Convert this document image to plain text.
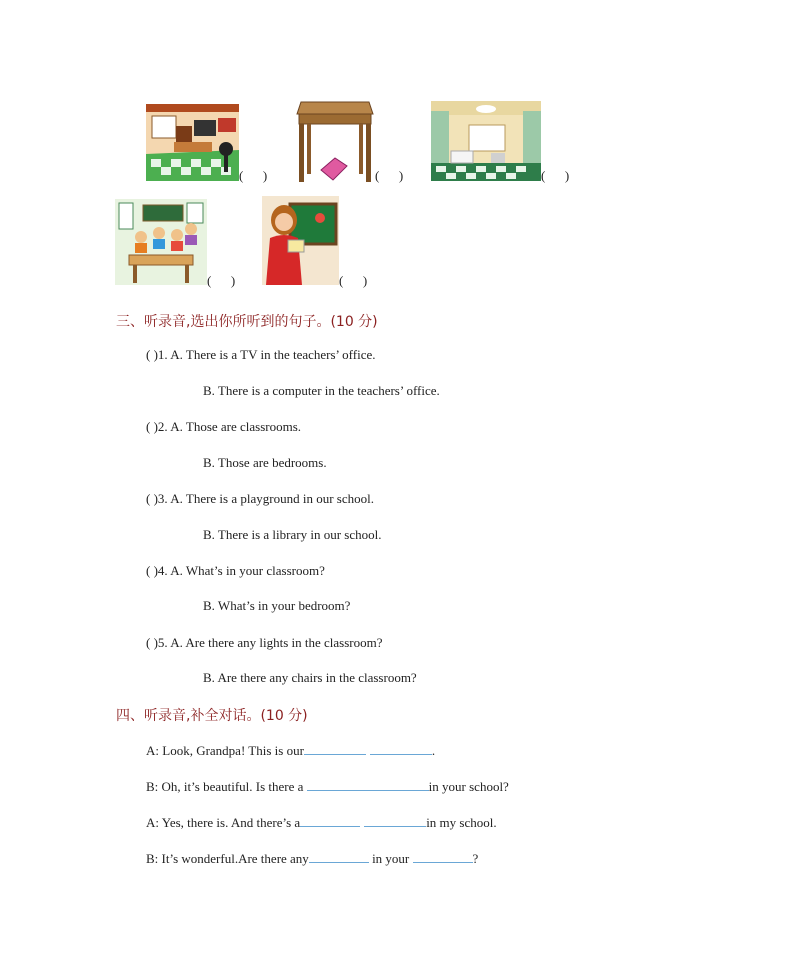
(      )	(      )	(      )
(      )	(      )
三、听录音,选出你所听到的句子。(10 分)
( )1. A. There is a TV in the teachers’ office.
B. There is a computer in the teachers’ office.
( )2. A. Those are classrooms.
B. Those are bedrooms.
( )3. A. There is a playground in our school.
B. There is a library in our school.
( )4. A. What’s in your classroom?
B. What’s in your bedroom?
( )5. A. Are there any lights in the classroom?
B. Are there any chairs in the classroom?
四、听录音,补全对话。(10 分)
A: Look, Grandpa! This is our	.
B: Oh, it’s beautiful. Is there a	in your school?
A: Yes, there is. And there’s a	in my school.
B: It’s wonderful.Are there any	in your	?
